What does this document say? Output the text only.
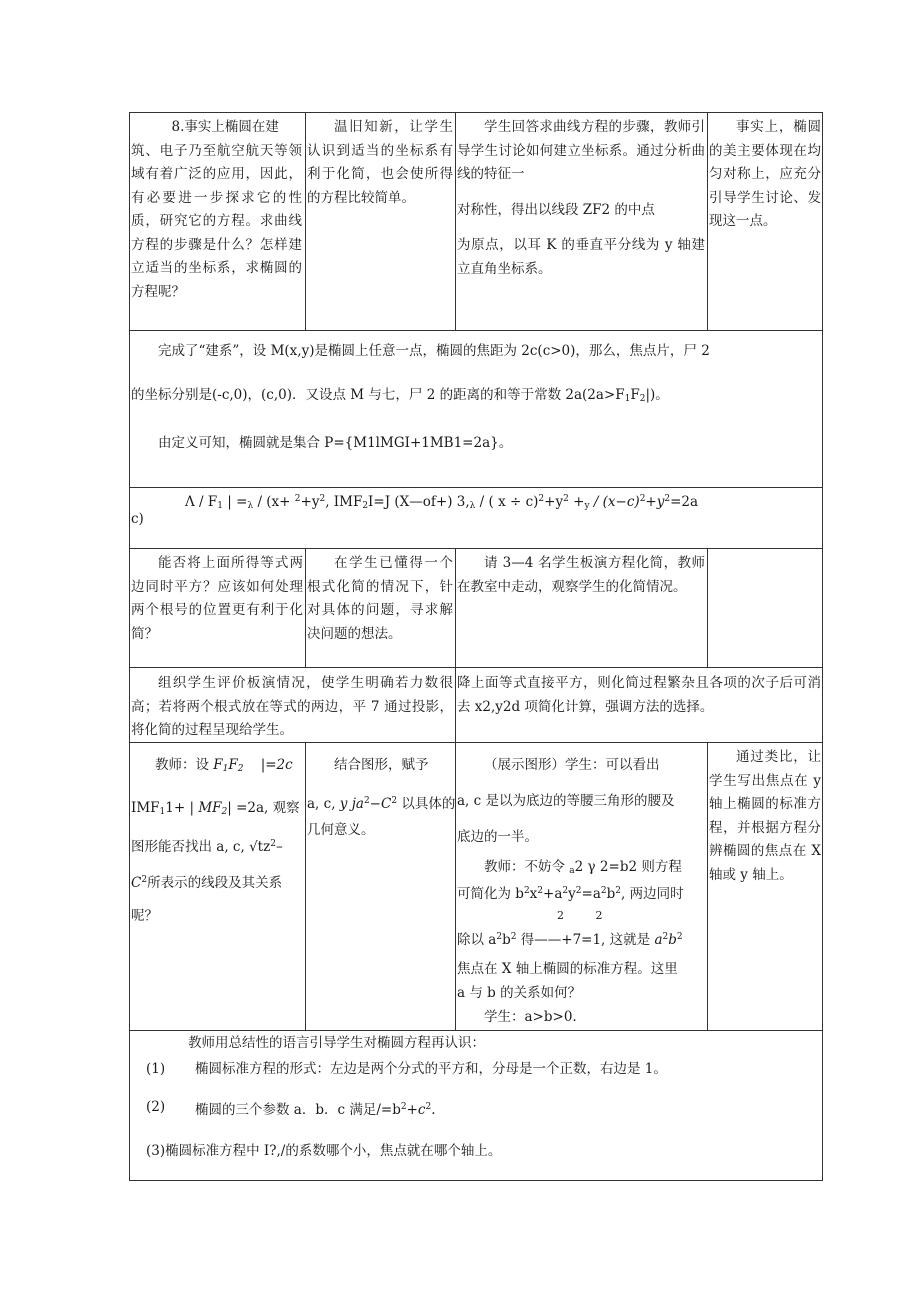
8.事实上椭圆在建
筑、电子乃至航空航天等领域有着广泛的应用，因此，有必要进一步探求它的性质，研究它的方程。求曲线方程的步骤是什么？怎样建立适当的坐标系，求椭圆的方程呢？
温旧知新，让学生认识到适当的坐标系有利于化简，也会使所得的方程比较简单。
学生回答求曲线方程的步骤，教师引导学生讨论如何建立坐标系。通过分析曲线的特征一
对称性，得出以线段 ZF2 的中点
为原点，以耳 K 的垂直平分线为 y 轴建立直角坐标系。
事实上，椭圆的美主要体现在均匀对称上，应充分引导学生讨论、发现这一点。
完成了“建系”，设 M(x,y)是椭圆上任意一点，椭圆的焦距为 2c(c>0)，那么，焦点片，尸 2
的坐标分别是(-c,0)，(c,0)．又设点 M 与七，尸 2 的距离的和等于常数 $2a(2a>F_1F_2|)$。
由定义可知，椭圆就是集合 P={M1lMGI+1MB1=2a}。
Λ / $F_1$ | $=_\lambda / (x+ ^2+y^2$, $IMF_2I=J$ (X—of+) $3,_\lambda$ / ( $x \div c)^2+y^2 +_y / (x-c)^2+y^2=2a$
c)
能否将上面所得等式两边同时平方？应该如何处理两个根号的位置更有利于化简？
在学生已懂得一个根式化简的情况下，针对具体的问题，寻求解决问题的想法。
请 3—4 名学生板演方程化简，教师在教室中走动，观察学生的化简情况。
组织学生评价板演情况，使学生明确若力数很高；若将两个根式放在等式的两边，平 7 通过投影，将化简的过程呈现给学生。
降上面等式直接平方，则化简过程繁杂且各项的次子后可消去 x2,y2d 项简化计算，强调方法的选择。
教师：设 $F_1F_2$ |=2c
$IMF_11+$ | $MF_2| =2a$, 观察
图形能否找出 a, c, $√tz^2-$
$C^2$所表示的线段及其关系
呢？
结合图形，赋予
a, c, y $ja^2-C^2$ 以具体的
几何意义。
（展示图形）学生：可以看出
a, c 是以为底边的等腰三角形的腰及
底边的一半。
教师：不妨令 $_a$2 γ 2=b2 则方程
可简化为 $b^2x^2+a^2y^2=a^2b^2$, 两边同时
2         2
除以 $a^2b^2$ 得——+7=1, 这就是 $a^2b^2$
焦点在 X 轴上椭圆的标准方程。这里
a 与 b 的关系如何？
学生：a>b>0.
通过类比，让学生写出焦点在 y 轴上椭圆的标准方程，并根据方程分辨椭圆的焦点在 X 轴或 y 轴上。
教师用总结性的语言引导学生对椭圆方程再认识：
(1) 椭圆标准方程的形式：左边是两个分式的平方和，分母是一个正数，右边是 1。
(2) 椭圆的三个参数 a．b．c 满足$/=b^2+c^2$.
(3)椭圆标准方程中 I?,/的系数哪个小，焦点就在哪个轴上。
